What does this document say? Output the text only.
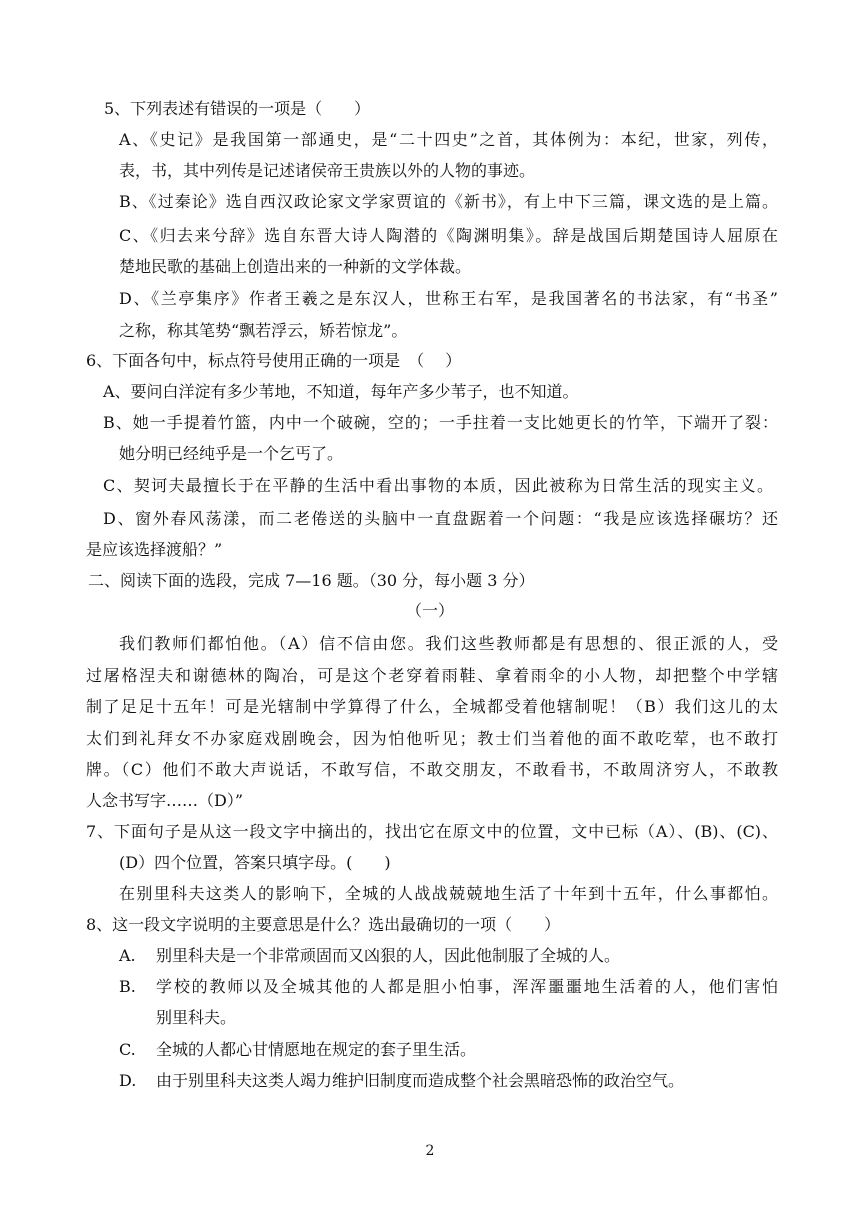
5、下列表述有错误的一项是（　　）
A、《史记》是我国第一部通史，是“二十四史”之首，其体例为：本纪，世家，列传，
表，书，其中列传是记述诸侯帝王贵族以外的人物的事迹。
B、《过秦论》选自西汉政论家文学家贾谊的《新书》，有上中下三篇，课文选的是上篇。
C、《归去来兮辞》选自东晋大诗人陶潜的《陶渊明集》。辞是战国后期楚国诗人屈原在
楚地民歌的基础上创造出来的一种新的文学体裁。
D、《兰亭集序》作者王羲之是东汉人，世称王右军，是我国著名的书法家，有“书圣”
之称，称其笔势“飘若浮云，矫若惊龙”。
6、下面各句中，标点符号使用正确的一项是　（　 ）
A、要问白洋淀有多少苇地，不知道，每年产多少苇子，也不知道。
B、她一手提着竹篮，内中一个破碗，空的；一手拄着一支比她更长的竹竿，下端开了裂：
她分明已经纯乎是一个乞丐了。
C、契诃夫最擅长于在平静的生活中看出事物的本质，因此被称为日常生活的现实主义。
D、窗外春风荡漾，而二老倦送的头脑中一直盘踞着一个问题：“我是应该选择碾坊？还
是应该选择渡船？”
二、阅读下面的选段，完成 7—16 题。（30 分，每小题 3 分）
（一）
我们教师们都怕他。（A）信不信由您。我们这些教师都是有思想的、很正派的人，受
过屠格涅夫和谢德林的陶冶，可是这个老穿着雨鞋、拿着雨伞的小人物，却把整个中学辖
制了足足十五年！可是光辖制中学算得了什么，全城都受着他辖制呢！（B）我们这儿的太
太们到礼拜女不办家庭戏剧晚会，因为怕他听见；教士们当着他的面不敢吃荤，也不敢打
牌。（C）他们不敢大声说话，不敢写信，不敢交朋友，不敢看书，不敢周济穷人，不敢教
人念书写字……（D）”
7、下面句子是从这一段文字中摘出的，找出它在原文中的位置，文中已标（A）、(B)、(C)、
(D）四个位置，答案只填字母。(　　)
在别里科夫这类人的影响下，全城的人战战兢兢地生活了十年到十五年，什么事都怕。
8、这一段文字说明的主要意思是什么？选出最确切的一项（　　）
A. 别里科夫是一个非常顽固而又凶狠的人，因此他制服了全城的人。
B. 学校的教师以及全城其他的人都是胆小怕事，浑浑噩噩地生活着的人，他们害怕
别里科夫。
C. 全城的人都心甘情愿地在规定的套子里生活。
D. 由于别里科夫这类人竭力维护旧制度而造成整个社会黑暗恐怖的政治空气。
2
